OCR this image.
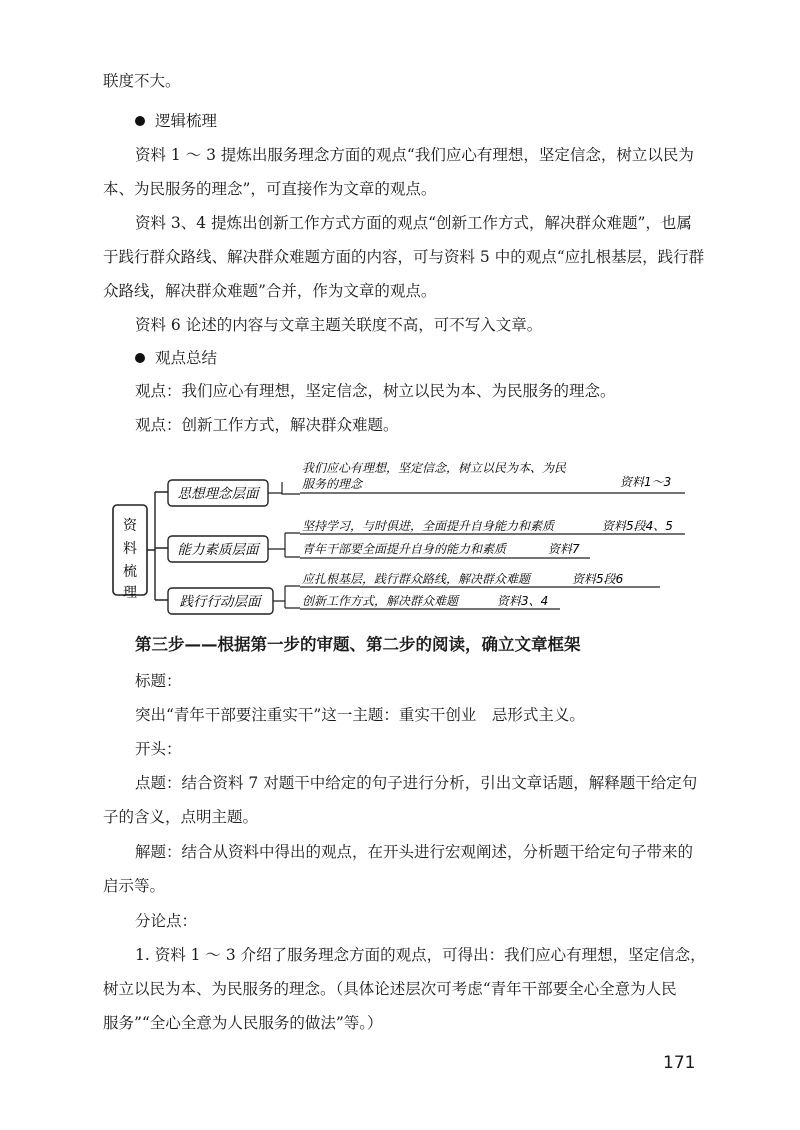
联度不大。
逻辑梳理
资料 1 ～ 3 提炼出服务理念方面的观点“我们应心有理想，坚定信念，树立以民为
本、为民服务的理念”，可直接作为文章的观点。
资料 3、4 提炼出创新工作方式方面的观点“创新工作方式，解决群众难题”，也属
于践行群众路线、解决群众难题方面的内容，可与资料 5 中的观点“应扎根基层，践行群
众路线，解决群众难题”合并，作为文章的观点。
资料 6 论述的内容与文章主题关联度不高，可不写入文章。
观点总结
观点：我们应心有理想，坚定信念，树立以民为本、为民服务的理念。
观点：创新工作方式，解决群众难题。
资
料
梳
理
思想理念层面
我们应心有理想，坚定信念，树立以民为本、为民
服务的理念	资料1～3
能力素质层面
坚持学习，与时俱进，全面提升自身能力和素质	资料5段4、5
青年干部要全面提升自身的能力和素质	资料7
践行行动层面
应扎根基层，践行群众路线，解决群众难题	资料5段6
创新工作方式，解决群众难题	资料3、4
第三步——根据第一步的审题、第二步的阅读，确立文章框架
标题：
突出“青年干部要注重实干”这一主题：重实干创业　忌形式主义。
开头：
点题：结合资料 7 对题干中给定的句子进行分析，引出文章话题，解释题干给定句
子的含义，点明主题。
解题：结合从资料中得出的观点，在开头进行宏观阐述，分析题干给定句子带来的
启示等。
分论点：
1. 资料 1 ～ 3 介绍了服务理念方面的观点，可得出：我们应心有理想，坚定信念，
树立以民为本、为民服务的理念。（具体论述层次可考虑“青年干部要全心全意为人民
服务”“全心全意为人民服务的做法”等。）
171
